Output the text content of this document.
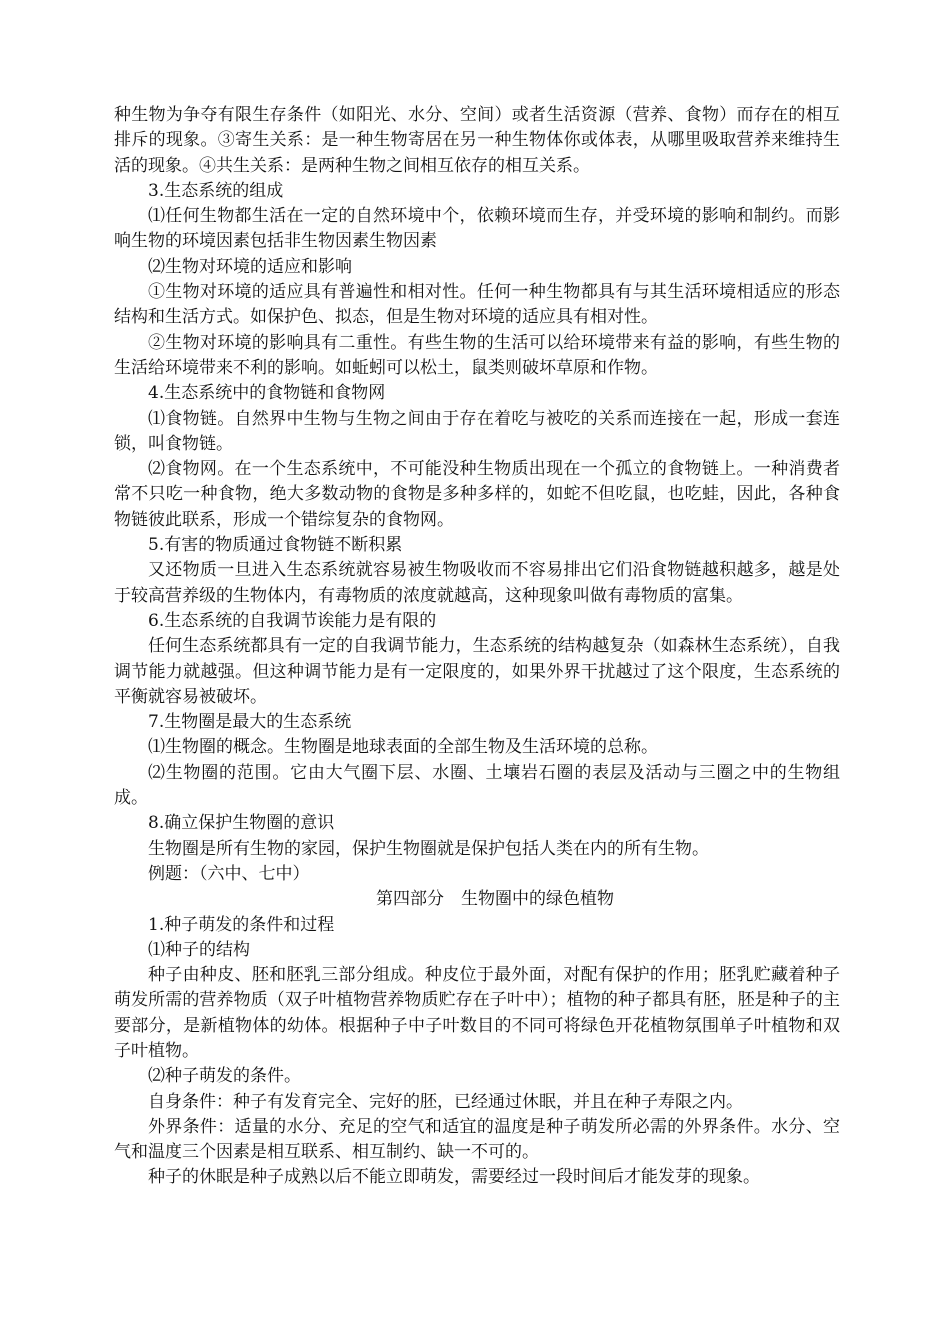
种生物为争夺有限生存条件（如阳光、水分、空间）或者生活资源（营养、食物）而存在的相互排斥的现象。③寄生关系：是一种生物寄居在另一种生物体你或体表，从哪里吸取营养来维持生活的现象。④共生关系：是两种生物之间相互依存的相互关系。

3.生态系统的组成

⑴任何生物都生活在一定的自然环境中个，依赖环境而生存，并受环境的影响和制约。而影响生物的环境因素包括非生物因素生物因素

⑵生物对环境的适应和影响

①生物对环境的适应具有普遍性和相对性。任何一种生物都具有与其生活环境相适应的形态结构和生活方式。如保护色、拟态，但是生物对环境的适应具有相对性。

②生物对环境的影响具有二重性。有些生物的生活可以给环境带来有益的影响，有些生物的生活给环境带来不利的影响。如蚯蚓可以松土，鼠类则破坏草原和作物。

4.生态系统中的食物链和食物网

⑴食物链。自然界中生物与生物之间由于存在着吃与被吃的关系而连接在一起，形成一套连锁，叫食物链。

⑵食物网。在一个生态系统中，不可能没种生物质出现在一个孤立的食物链上。一种消费者常不只吃一种食物，绝大多数动物的食物是多种多样的，如蛇不但吃鼠，也吃蛙，因此，各种食物链彼此联系，形成一个错综复杂的食物网。

5.有害的物质通过食物链不断积累

又还物质一旦进入生态系统就容易被生物吸收而不容易排出它们沿食物链越积越多，越是处于较高营养级的生物体内，有毒物质的浓度就越高，这种现象叫做有毒物质的富集。

6.生态系统的自我调节诶能力是有限的

任何生态系统都具有一定的自我调节能力，生态系统的结构越复杂（如森林生态系统），自我调节能力就越强。但这种调节能力是有一定限度的，如果外界干扰越过了这个限度，生态系统的平衡就容易被破坏。

7.生物圈是最大的生态系统

⑴生物圈的概念。生物圈是地球表面的全部生物及生活环境的总称。

⑵生物圈的范围。它由大气圈下层、水圈、土壤岩石圈的表层及活动与三圈之中的生物组成。

8.确立保护生物圈的意识

生物圈是所有生物的家园，保护生物圈就是保护包括人类在内的所有生物。

例题：（六中、七中）

第四部分　生物圈中的绿色植物

1.种子萌发的条件和过程

⑴种子的结构

种子由种皮、胚和胚乳三部分组成。种皮位于最外面，对配有保护的作用；胚乳贮藏着种子萌发所需的营养物质（双子叶植物营养物质贮存在子叶中）；植物的种子都具有胚，胚是种子的主要部分，是新植物体的幼体。根据种子中子叶数目的不同可将绿色开花植物氛围单子叶植物和双子叶植物。

⑵种子萌发的条件。

自身条件：种子有发育完全、完好的胚，已经通过休眠，并且在种子寿限之内。

外界条件：适量的水分、充足的空气和适宜的温度是种子萌发所必需的外界条件。水分、空气和温度三个因素是相互联系、相互制约、缺一不可的。

种子的休眠是种子成熟以后不能立即萌发，需要经过一段时间后才能发芽的现象。
